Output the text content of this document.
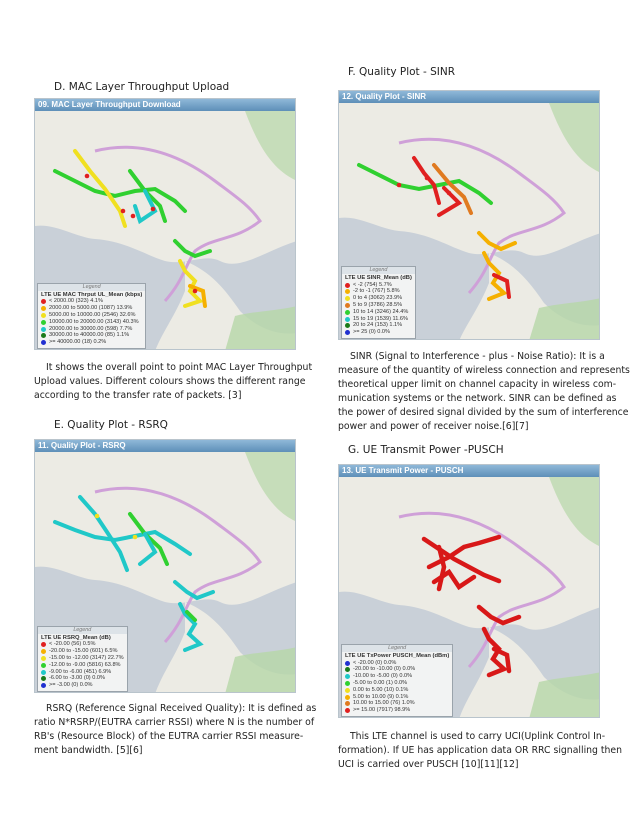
D. MAC Layer Throughput Upload
09. MAC Layer Throughput Download
Legend
LTE UE MAC Thrput UL_Mean (kbps)
< 2000.00 (323) 4.1%
2000.00 to 5000.00 (1087) 13.9%
5000.00 to 10000.00 (2546) 32.6%
10000.00 to 20000.00 (3143) 40.3%
20000.00 to 30000.00 (598) 7.7%
30000.00 to 40000.00 (85) 1.1%
>= 40000.00 (18) 0.2%
It shows the overall point to point MAC Layer Throughput
Upload values. Different colours shows the different range
according to the transfer rate of packets. [3]
E. Quality Plot - RSRQ
11. Quality Plot - RSRQ
Legend
LTE UE RSRQ_Mean (dB)
< -20.00 (56) 0.5%
-20.00 to -15.00 (601) 6.5%
-15.00 to -12.00 (3147) 22.7%
-12.00 to -9.00 (5816) 63.8%
-9.00 to -6.00 (451) 6.9%
-6.00 to -3.00 (0) 0.0%
>= -3.00 (0) 0.0%
RSRQ (Reference Signal Received Quality): It is defined as
ratio N*RSRP/(EUTRA carrier RSSI) where N is the number of
RB's (Resource Block) of the EUTRA carrier RSSI measure-
ment bandwidth. [5][6]
F. Quality Plot - SINR
12. Quality Plot - SINR
Legend
LTE UE SINR_Mean (dB)
< -2 (754) 5.7%
-2 to -1 (767) 5.8%
0 to 4 (3062) 23.9%
5 to 9 (3786) 28.5%
10 to 14 (3246) 24.4%
15 to 19 (1539) 11.6%
20 to 24 (153) 1.1%
>= 25 (0) 0.0%
SINR (Signal to Interference - plus - Noise Ratio): It is a
measure of the quantity of wireless connection and represents
theoretical upper limit on channel capacity in wireless com-
munication systems or the network. SINR can be defined as
the power of desired signal divided by the sum of interference
power and power of receiver noise.[6][7]
G. UE Transmit Power -PUSCH
13. UE Transmit Power - PUSCH
Legend
LTE UE TxPower PUSCH_Mean (dBm)
< -20.00 (0) 0.0%
-20.00 to -10.00 (0) 0.0%
-10.00 to -5.00 (0) 0.0%
-5.00 to 0.00 (1) 0.0%
0.00 to 5.00 (10) 0.1%
5.00 to 10.00 (9) 0.1%
10.00 to 15.00 (76) 1.0%
>= 15.00 (7917) 98.9%
This LTE channel is used to carry UCI(Uplink Control In-
formation). If UE has application data OR RRC signalling then
UCI is carried over PUSCH [10][11][12]
